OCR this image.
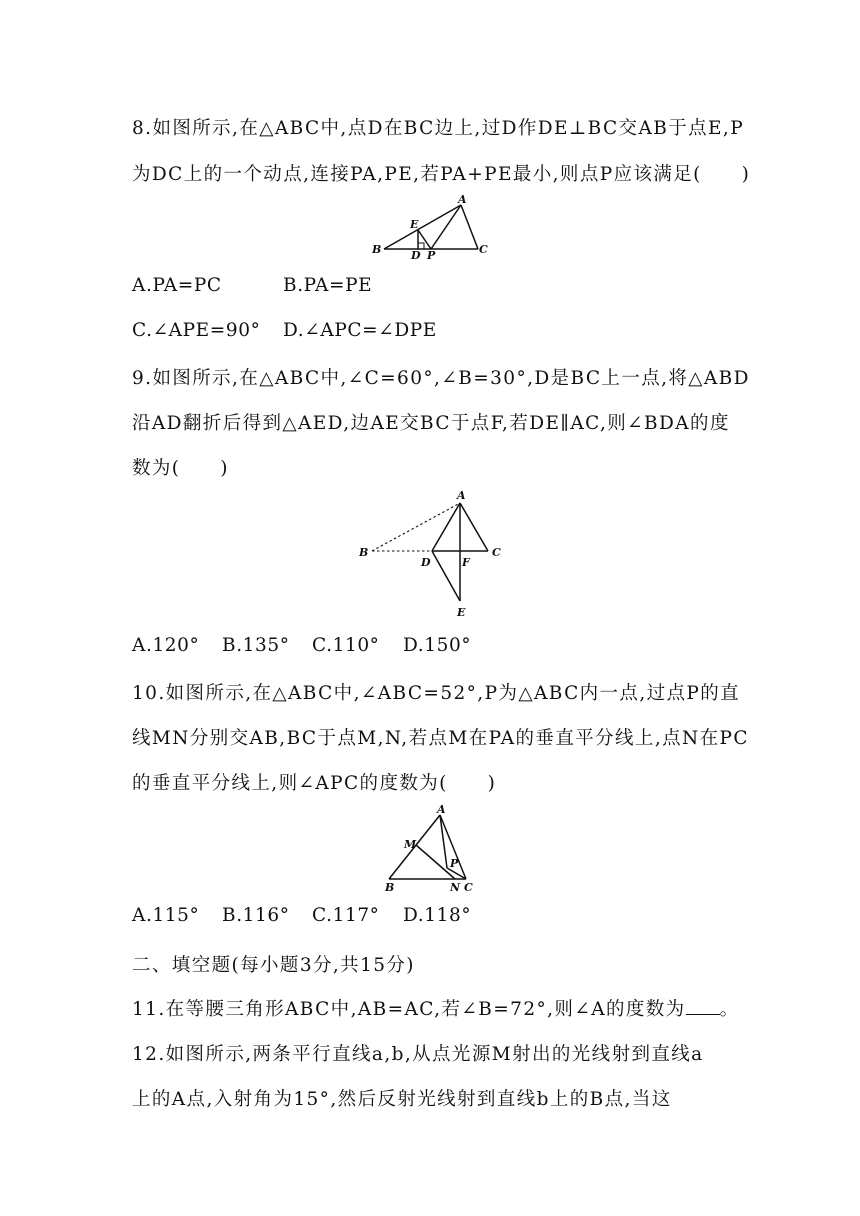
8.如图所示,在△ABC中,点D在BC边上,过D作DE⊥BC交AB于点E,P
为DC上的一个动点,连接PA,PE,若PA+PE最小,则点P应该满足(　　)
A
B	C
D
E
P
A.PA=PC	B.PA=PE
C.∠APE=90° D.∠APC=∠DPE
9.如图所示,在△ABC中,∠C=60°,∠B=30°,D是BC上一点,将△ABD
沿AD翻折后得到△AED,边AE交BC于点F,若DE∥AC,则∠BDA的度
数为(　　)
A
B	C
D
E
F
A.120° B.135° C.110° D.150°
10.如图所示,在△ABC中,∠ABC=52°,P为△ABC内一点,过点P的直
线MN分别交AB,BC于点M,N,若点M在PA的垂直平分线上,点N在PC
的垂直平分线上,则∠APC的度数为(　　)
A
B	C
M
N
P
A.115° B.116° C.117° D.118°
二、填空题(每小题3分,共15分)
11.在等腰三角形ABC中,AB=AC,若∠B=72°,则∠A的度数为 。
12.如图所示,两条平行直线a,b,从点光源M射出的光线射到直线a
上的A点,入射角为15°,然后反射光线射到直线b上的B点,当这
